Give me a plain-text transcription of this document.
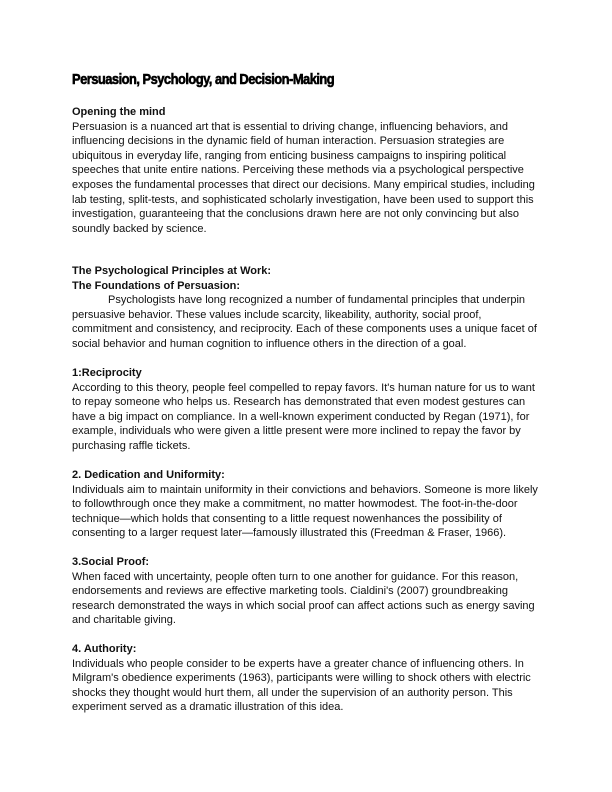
Persuasion, Psychology, and Decision-Making
Opening the mind
Persuasion is a nuanced art that is essential to driving change, influencing behaviors, and
influencing decisions in the dynamic field of human interaction. Persuasion strategies are
ubiquitous in everyday life, ranging from enticing business campaigns to inspiring political
speeches that unite entire nations. Perceiving these methods via a psychological perspective
exposes the fundamental processes that direct our decisions. Many empirical studies, including
lab testing, split-tests, and sophisticated scholarly investigation, have been used to support this
investigation, guaranteeing that the conclusions drawn here are not only convincing but also
soundly backed by science.
The Psychological Principles at Work:
The Foundations of Persuasion:
Psychologists have long recognized a number of fundamental principles that underpin
persuasive behavior. These values include scarcity, likeability, authority, social proof,
commitment and consistency, and reciprocity. Each of these components uses a unique facet of
social behavior and human cognition to influence others in the direction of a goal.
1:Reciprocity
According to this theory, people feel compelled to repay favors. It's human nature for us to want
to repay someone who helps us. Research has demonstrated that even modest gestures can
have a big impact on compliance. In a well-known experiment conducted by Regan (1971), for
example, individuals who were given a little present were more inclined to repay the favor by
purchasing raffle tickets.
2. Dedication and Uniformity:
Individuals aim to maintain uniformity in their convictions and behaviors. Someone is more likely
to followthrough once they make a commitment, no matter howmodest. The foot-in-the-door
technique—which holds that consenting to a little request nowenhances the possibility of
consenting to a larger request later—famously illustrated this (Freedman & Fraser, 1966).
3.Social Proof:
When faced with uncertainty, people often turn to one another for guidance. For this reason,
endorsements and reviews are effective marketing tools. Cialdini's (2007) groundbreaking
research demonstrated the ways in which social proof can affect actions such as energy saving
and charitable giving.
4. Authority:
Individuals who people consider to be experts have a greater chance of influencing others. In
Milgram's obedience experiments (1963), participants were willing to shock others with electric
shocks they thought would hurt them, all under the supervision of an authority person. This
experiment served as a dramatic illustration of this idea.
